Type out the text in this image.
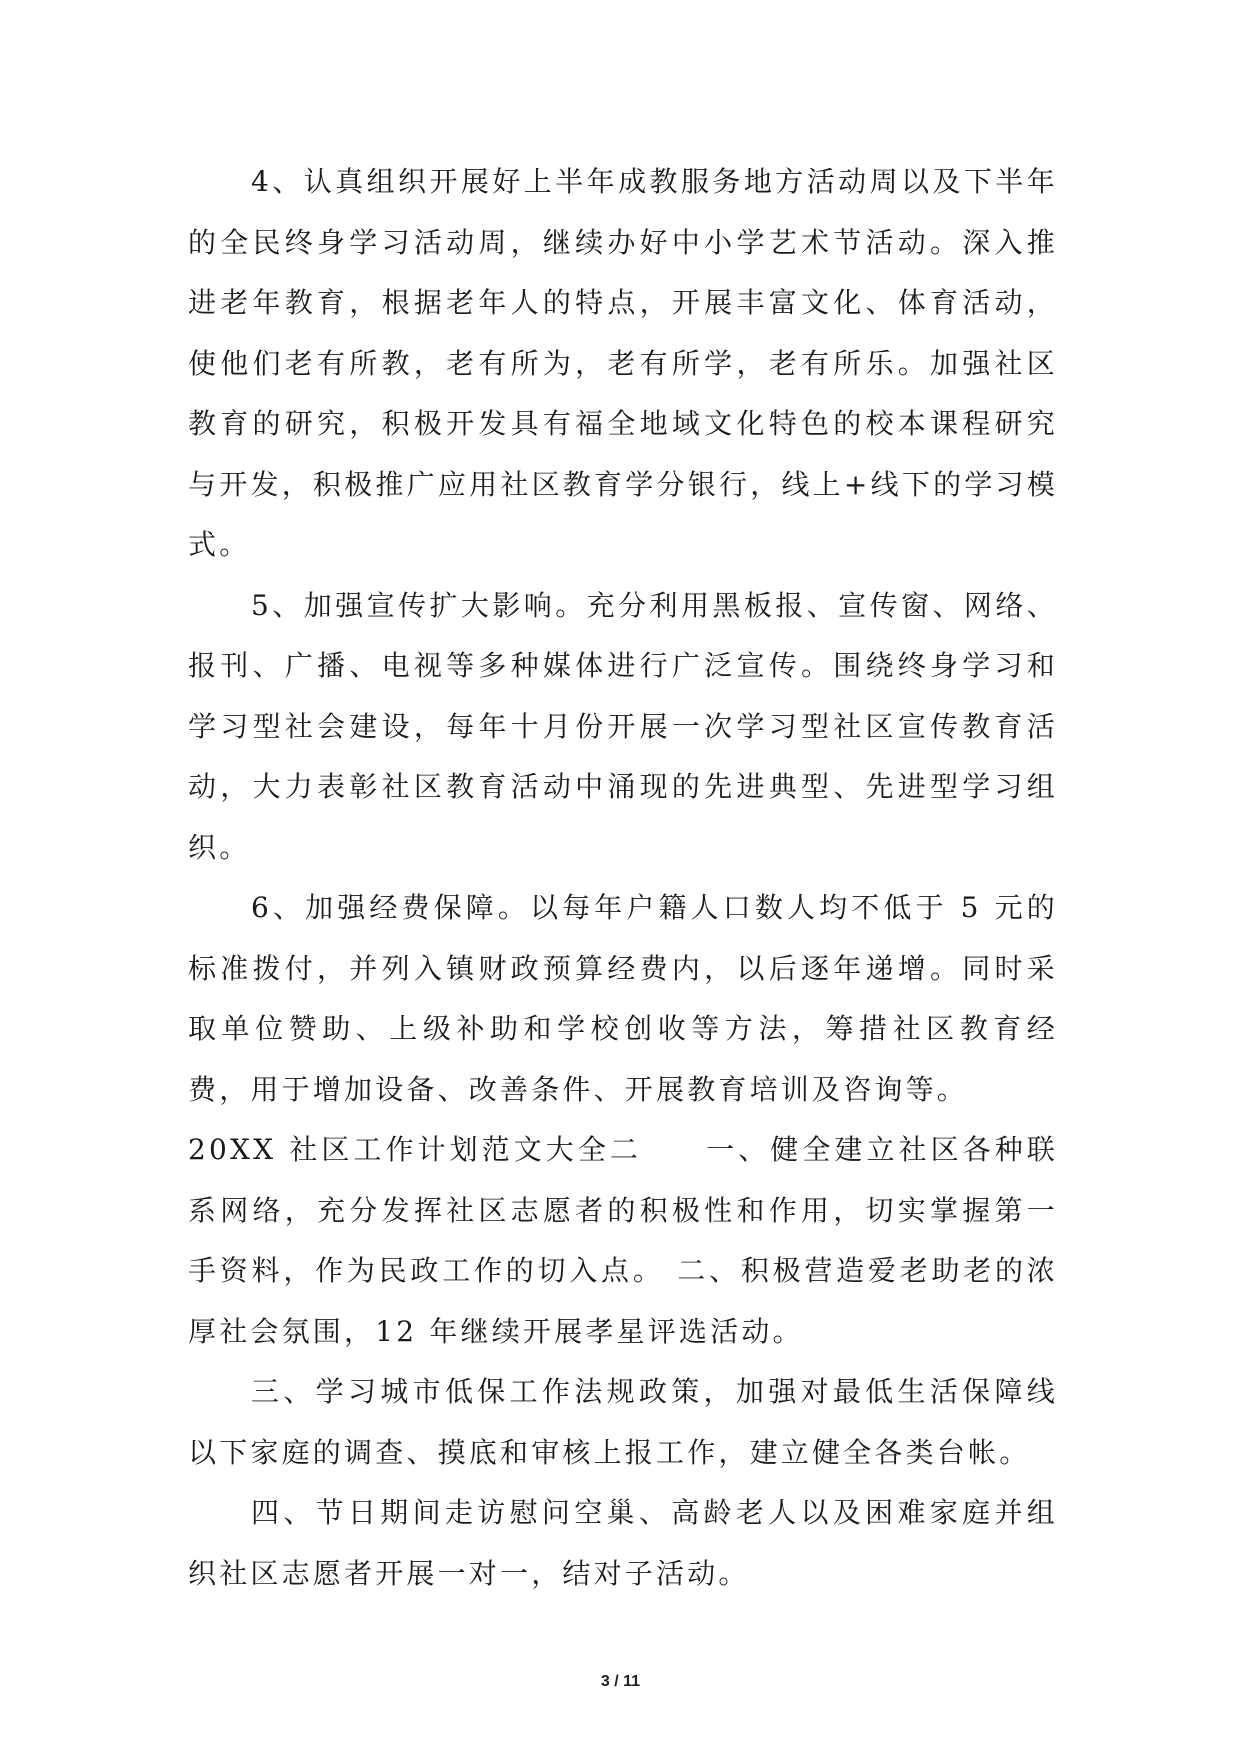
4、认真组织开展好上半年成教服务地方活动周以及下半年的全民终身学习活动周，继续办好中小学艺术节活动。深入推进老年教育，根据老年人的特点，开展丰富文化、体育活动，使他们老有所教，老有所为，老有所学，老有所乐。加强社区教育的研究，积极开发具有福全地域文化特色的校本课程研究与开发，积极推广应用社区教育学分银行，线上+线下的学习模式。

5、加强宣传扩大影响。充分利用黑板报、宣传窗、网络、报刊、广播、电视等多种媒体进行广泛宣传。围绕终身学习和学习型社会建设，每年十月份开展一次学习型社区宣传教育活动，大力表彰社区教育活动中涌现的先进典型、先进型学习组织。

6、加强经费保障。以每年户籍人口数人均不低于 5 元的标准拨付，并列入镇财政预算经费内，以后逐年递增。同时采取单位赞助、上级补助和学校创收等方法，筹措社区教育经费，用于增加设备、改善条件、开展教育培训及咨询等。

20XX 社区工作计划范文大全二　　一、健全建立社区各种联系网络，充分发挥社区志愿者的积极性和作用，切实掌握第一手资料，作为民政工作的切入点。 二、积极营造爱老助老的浓厚社会氛围，12 年继续开展孝星评选活动。

三、学习城市低保工作法规政策，加强对最低生活保障线以下家庭的调查、摸底和审核上报工作，建立健全各类台帐。

四、节日期间走访慰问空巢、高龄老人以及困难家庭并组织社区志愿者开展一对一，结对子活动。

3 / 11
